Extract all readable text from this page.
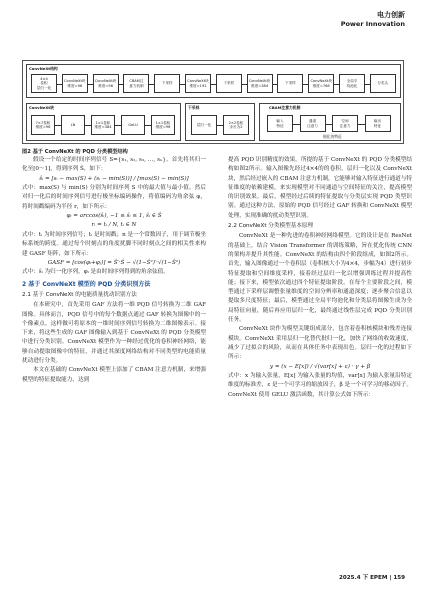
电力创新
Power Innovation
ConvNeXt结构
ConvNeXt块	下采样	CBAM注意力机制
细化的特征
4×4
卷积
层归一化
ConvNeXt块
维度=96
ConvNeXt块
维度=96
CBAM注
意力机制
下采样
ConvNeXt块
维度=192
下采样
ConvNeXt块
维度=384
下采样
ConvNeXt块
维度=768
全局平
均池化
分类头
7×7卷积
维度=96
LN
1×1卷积
维度=384
GeLU
1×1卷积
维度=96
层归一化
2×2卷积
步长为2
输入
特征
通道
注意力
空间
注意力
输出
特征
图2 基于 ConvNeXt 的 PQD 分类模型结构

假设一个给定的时间序列信号 S={s₁, s₂, s₃, …, sₙ}。首先将其归一化至[0～1]，得到序列 Ŝ，如下：

ŝᵢ = [sᵢ − max(S) + (sᵢ − min(S))] / [max(S) − min(S)]

式中：max(S) 与 min(S) 分别为时间序列 S 中的最大值与最小值。然后对归一化后的时间序列信号进行极坐标编码操作，将值编码为角余弦 φ，将时间戳编码为半径 r，如下所示：

φᵢ = arccos(ŝᵢ), −1 ≤ ŝᵢ ≤ 1, ŝᵢ ∈ Ŝ
rᵢ = tᵢ / N, tᵢ ∈ N

式中：tᵢ 为时间序列信号；tᵢ 是时间戳；n 是一个常数因子，用于调节极坐标系统的跨度。通过每个时刻点的角度扰脚不同时刻点之间的相关性来构建 GASF 矩阵，如下所示：

GASF = [cos(φᵢ+φⱼ)] = Ŝ′·Ŝ − √(1−Ŝ²)′·√(1−Ŝ²)

式中：ŝᵢ 为归一化序列，φᵢ 是由时间序列得到的角余弦值。

2 基于 ConvNeXt 模型的 PQD 分类识别方法
2.1 基于 ConvNeXt 的电能质量扰动识别方法

在本研究中，首先采用 GAF 方法将一维 PQD 信号转换为二维 GAF 图像。具体而言，PQD 信号中的每个数据点通过 GAF 转换为图像中的一个像素点。这样做可将原本的一维时间序列信号转换为二维图像表示。接下来，将这些生成的 GAF 图像输入到基于 ConvNeXt 的 PQD 分类模型中进行分类识别。ConvNeXt 模型作为一种经过优化的卷积神经网络，能够自动提取图像中的特征，并通过其深度网络结构对不同类型的电能质量扰动进行分类。

本文在基础的 ConvNeXt 模型上添加了 CBAM 注意力机制，来增强模型的特征提取能力，达到

提高 PQD 识别精度的效果。所提的基于 ConvNeXt 的 PQD 分类模型结构如图2所示。输入图像先经过4×4的的卷积，层归一化以及 ConvNeXt 块，然后经过嵌入的 CBAM 注意力机制，它能够对输入特征进行通道与特征维度的依赖建模，来实现模型对不同通道与空间特征的关注，提高模型的识别效果。最后，模型经过后续的特征提取与分类层实现 PQD 类型识别。通过这种方法，原始的 PQD 信号经过 GAF 转换和 ConvNeXt 模型处理，实现准确的扰动类型识别。

2.2 ConvNeXt 分类模型基本原理

ConvNeXt 是一种先进的卷积神经网络模型。它的设计是在 ResNet 的基础上，结合 Vision Transformer 的训练策略，旨在优化传统 CNN 的架构并提升其性能。ConvNeXt 的结构由四个阶段组成，如图2所示。首先，输入图像通过一个卷积层（卷积核大小为4×4，步幅为4）进行初步特征提取和空间维度采样，接着经过层归一化以增强训练过程并提高性能；接下来，模型依次通过四个特征提取阶段，在每个主要阶段之间，模型通过下采样层调整张量维度的空间分辨率和通道深度；逐步聚合信息以提取多尺度特征；最后，模型通过全局平均池化和分类层将图像生成为全局特征向量，随后再应用层归一化，最终通过线性层完成 PQD 分类识别任务。

ConvNeXt 块作为模型关键组成部分，包含着卷积核模块和残差连接模块。ConvNeXt 采用层归一化替代批归一化，加快了网络的收敛速度，减少了过拟合的风险，从而在具体任务中表现出色。层归一化的过程如下所示：

y = (x − E[x]) / √(var[x] + ε) · γ + β

式中：x 为输入张量，E[x] 为输入张量的均值，var[x] 为输入张量沿特定维度的标准差，ε 是一个可学习的缩放因子，β 是一个可学习的移动因子。ConvNeXt 使用 GELU 激活函数，其计算公式如下所示：

2025.4 下 EPEM | 159
